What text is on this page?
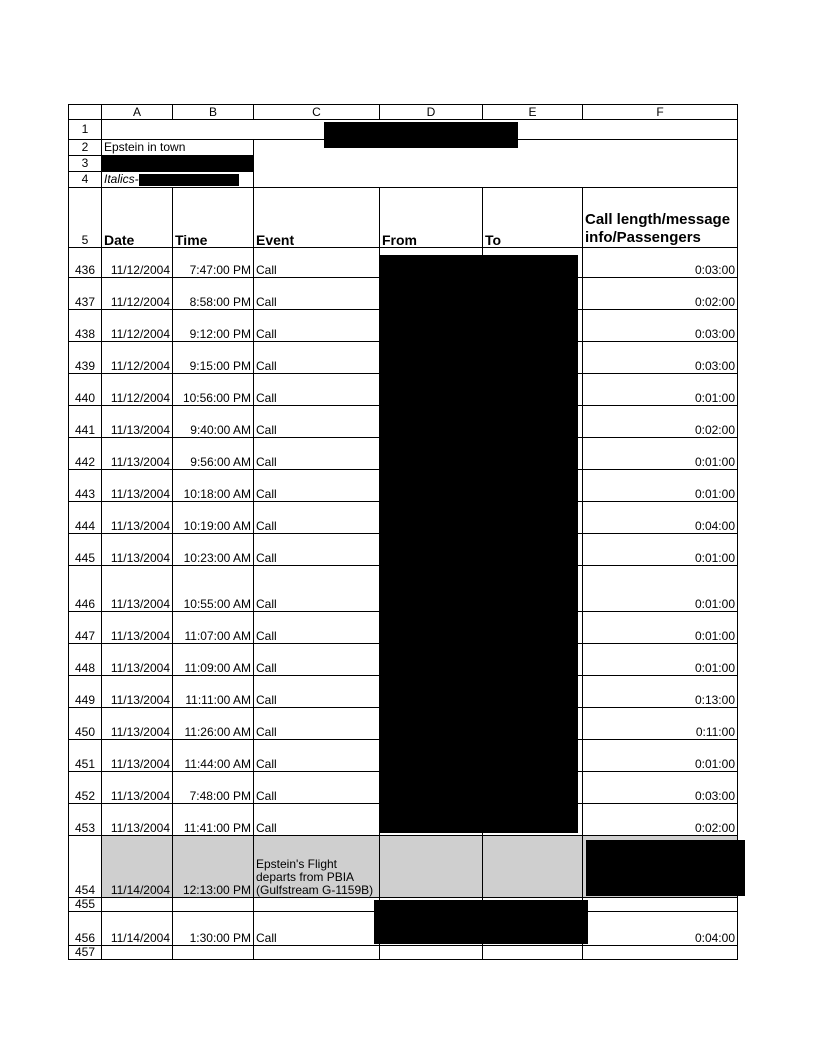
	A	B	C	D	E	F
1						
2	Epstein in town					
3						
4	Italics-					
5	Date	Time	Event	From	To	Call length/message info/Passengers
436	11/12/2004	7:47:00 PM	Call			0:03:00
437	11/12/2004	8:58:00 PM	Call			0:02:00
438	11/12/2004	9:12:00 PM	Call			0:03:00
439	11/12/2004	9:15:00 PM	Call			0:03:00
440	11/12/2004	10:56:00 PM	Call			0:01:00
441	11/13/2004	9:40:00 AM	Call			0:02:00
442	11/13/2004	9:56:00 AM	Call			0:01:00
443	11/13/2004	10:18:00 AM	Call			0:01:00
444	11/13/2004	10:19:00 AM	Call			0:04:00
445	11/13/2004	10:23:00 AM	Call			0:01:00
446	11/13/2004	10:55:00 AM	Call			0:01:00
447	11/13/2004	11:07:00 AM	Call			0:01:00
448	11/13/2004	11:09:00 AM	Call			0:01:00
449	11/13/2004	11:11:00 AM	Call			0:13:00
450	11/13/2004	11:26:00 AM	Call			0:11:00
451	11/13/2004	11:44:00 AM	Call			0:01:00
452	11/13/2004	7:48:00 PM	Call			0:03:00
453	11/13/2004	11:41:00 PM	Call			0:02:00
454	11/14/2004	12:13:00 PM	Epstein's Flight departs from PBIA (Gulfstream G-1159B)			
455						
456	11/14/2004	1:30:00 PM	Call			0:04:00
457						
